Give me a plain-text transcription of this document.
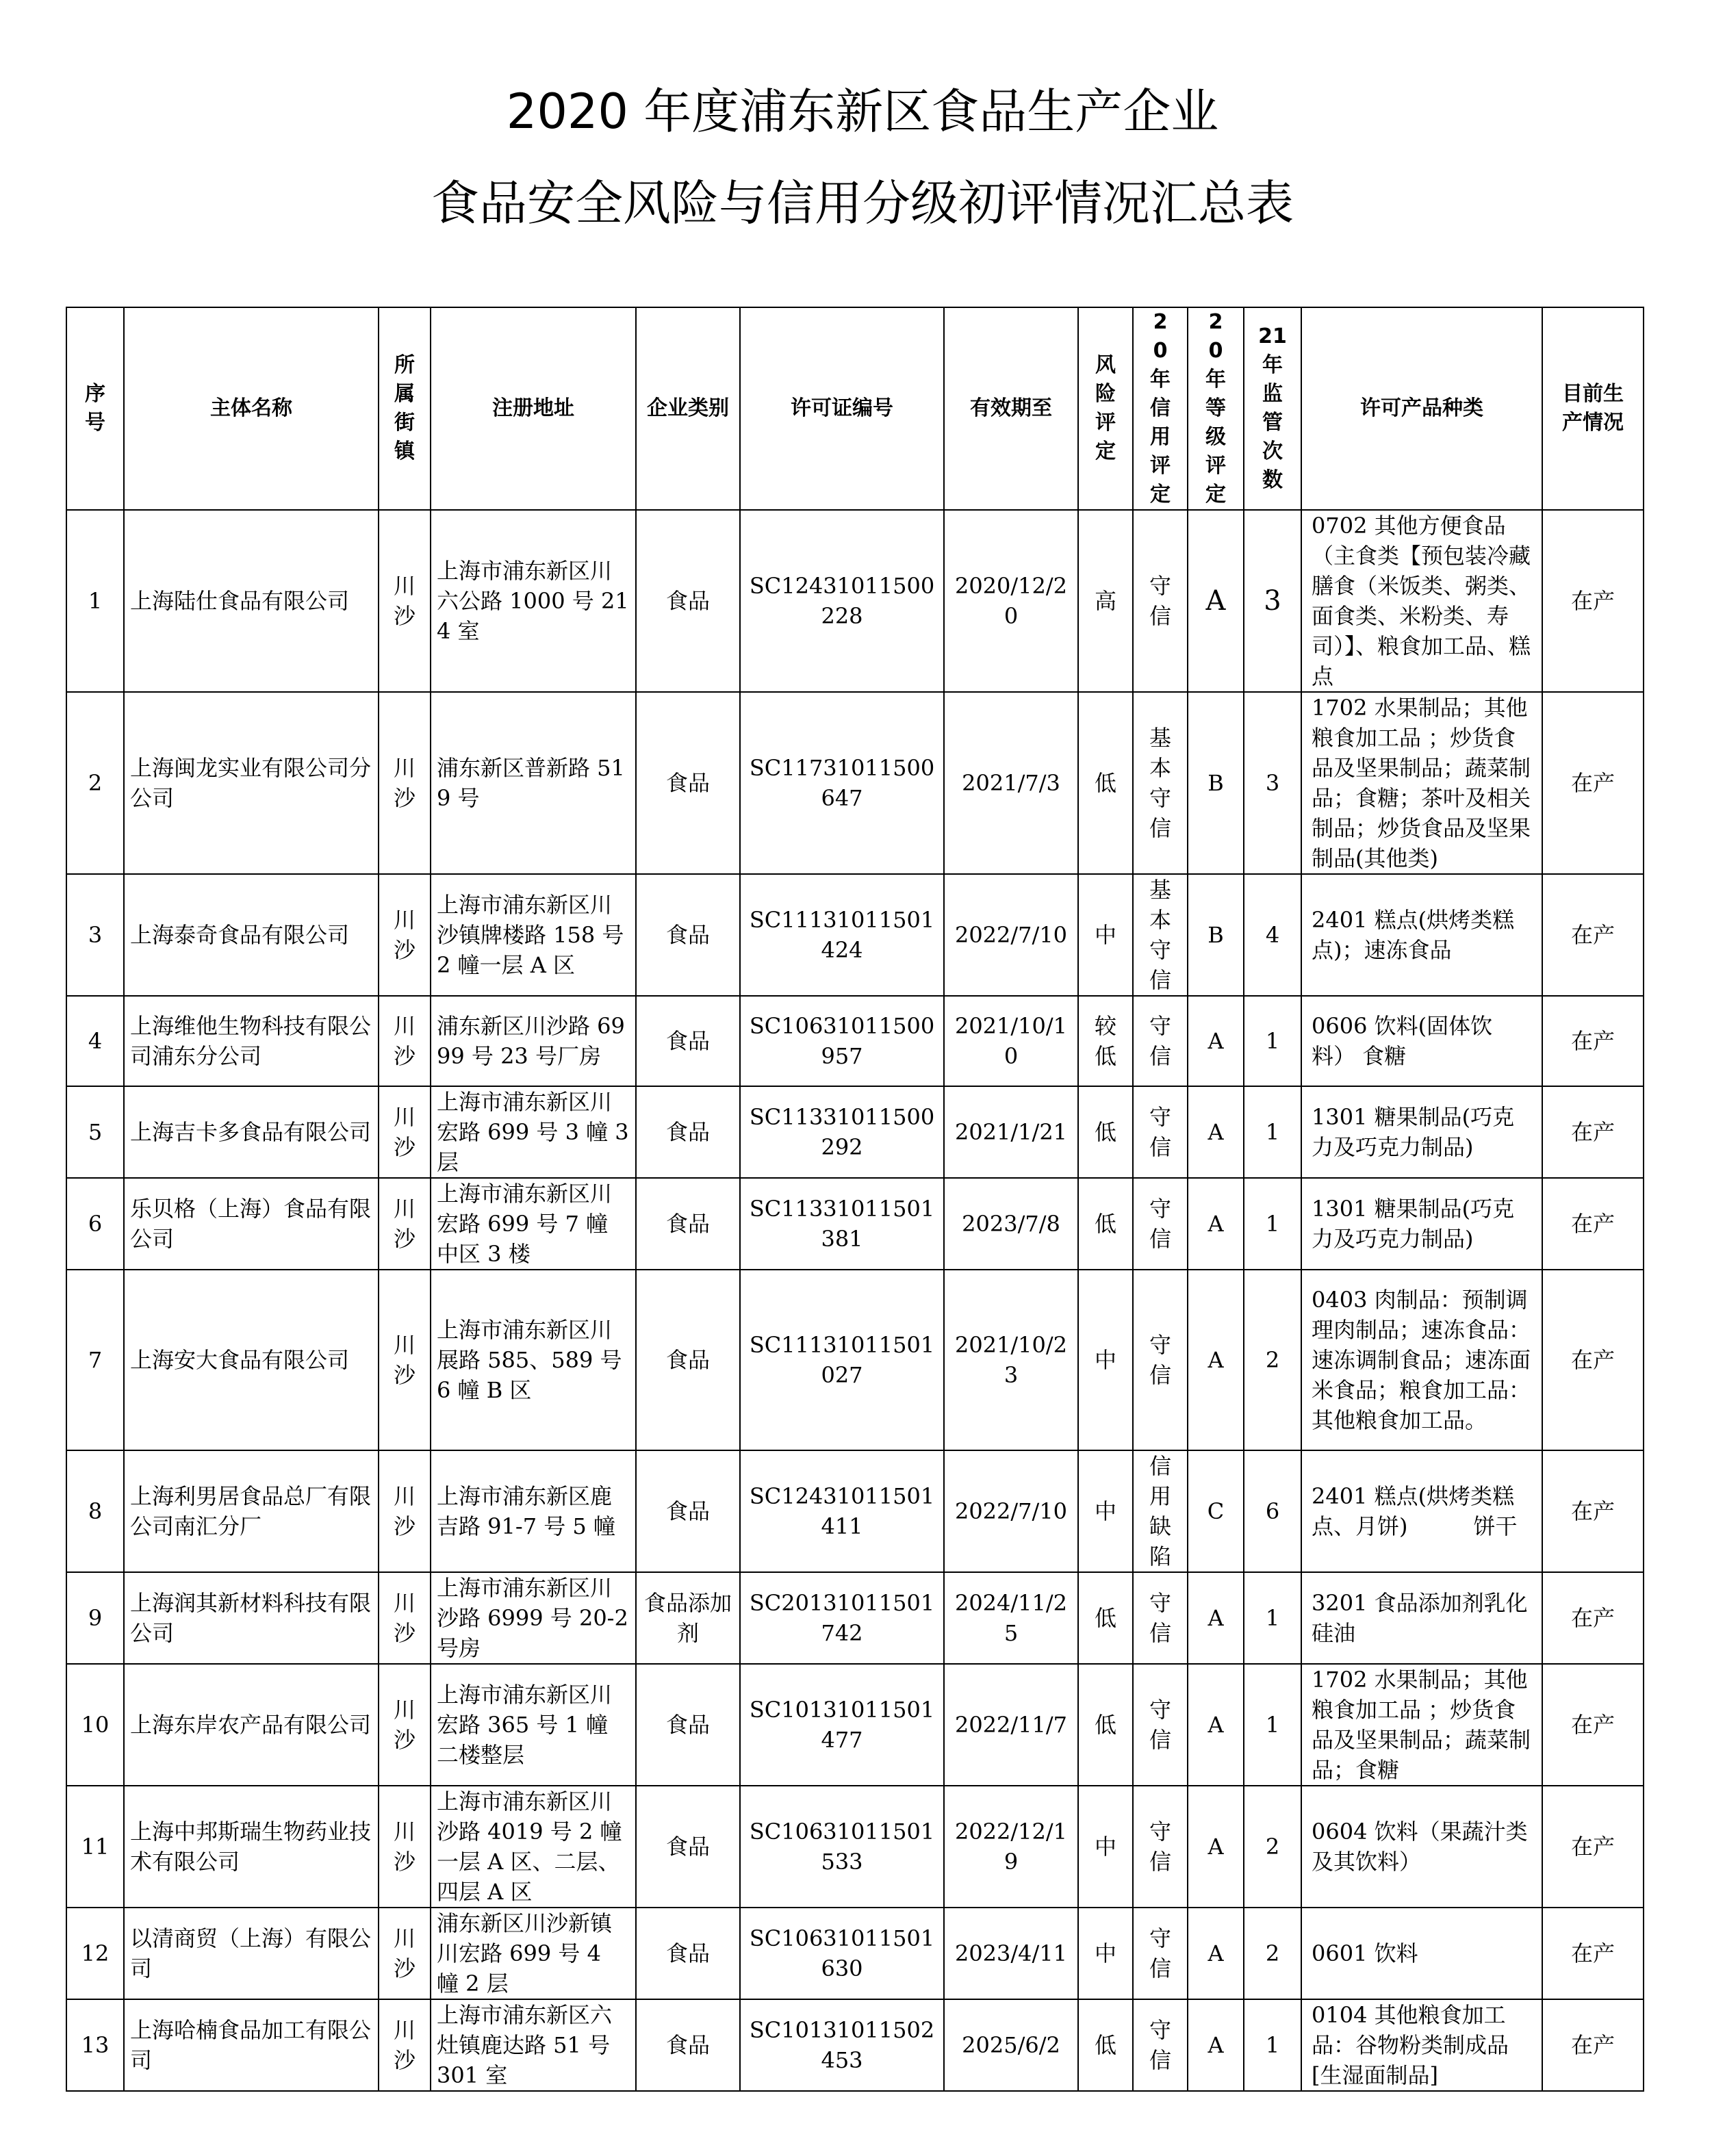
2020 年度浦东新区食品生产企业
食品安全风险与信用分级初评情况汇总表
序号	主体名称	所属街镇	注册地址	企业类别	许可证编号	有效期至	风险评定	20年信用评定	20年等级评定	21年监管次数	许可产品种类	目前生产情况
1	上海陆仕食品有限公司	川沙	上海市浦东新区川六公路 1000 号 214 室	食品	SC12431011500228	2020/12/20	高	守信	A	3	0702 其他方便食品（主食类【预包装冷藏膳食（米饭类、粥类、面食类、米粉类、寿司）】、粮食加工品、糕点	在产
2	上海闽龙实业有限公司分公司	川沙	浦东新区普新路 519 号	食品	SC11731011500647	2021/7/3	低	基本守信	B	3	1702 水果制品；其他粮食加工品 ；炒货食品及坚果制品；蔬菜制品；食糖；茶叶及相关制品；炒货食品及坚果制品(其他类)	在产
3	上海泰奇食品有限公司	川沙	上海市浦东新区川沙镇牌楼路 158 号 2 幢一层 A 区	食品	SC11131011501424	2022/7/10	中	基本守信	B	4	2401 糕点(烘烤类糕点)；速冻食品	在产
4	上海维他生物科技有限公司浦东分公司	川沙	浦东新区川沙路 6999 号 23 号厂房	食品	SC10631011500957	2021/10/10	较低	守信	A	1	0606 饮料(固体饮料） 食糖	在产
5	上海吉卡多食品有限公司	川沙	上海市浦东新区川宏路 699 号 3 幢 3 层	食品	SC11331011500292	2021/1/21	低	守信	A	1	1301 糖果制品(巧克力及巧克力制品)	在产
6	乐贝格（上海）食品有限公司	川沙	上海市浦东新区川宏路 699 号 7 幢中区 3 楼	食品	SC11331011501381	2023/7/8	低	守信	A	1	1301 糖果制品(巧克力及巧克力制品)	在产
7	上海安大食品有限公司	川沙	上海市浦东新区川展路 585、589 号 6 幢 B 区	食品	SC11131011501027	2021/10/23	中	守信	A	2	0403 肉制品：预制调理肉制品；速冻食品：速冻调制食品；速冻面米食品；粮食加工品：其他粮食加工品。	在产
8	上海利男居食品总厂有限公司南汇分厂	川沙	上海市浦东新区鹿吉路 91-7 号 5 幢	食品	SC12431011501411	2022/7/10	中	信用缺陷	C	6	2401 糕点(烘烤类糕点、月饼)　　　饼干	在产
9	上海润其新材料科技有限公司	川沙	上海市浦东新区川沙路 6999 号 20-2 号房	食品添加剂	SC20131011501742	2024/11/25	低	守信	A	1	3201 食品添加剂乳化硅油	在产
10	上海东岸农产品有限公司	川沙	上海市浦东新区川宏路 365 号 1 幢二楼整层	食品	SC10131011501477	2022/11/7	低	守信	A	1	1702 水果制品；其他粮食加工品 ；炒货食品及坚果制品；蔬菜制品；食糖	在产
11	上海中邦斯瑞生物药业技术有限公司	川沙	上海市浦东新区川沙路 4019 号 2 幢一层 A 区、二层、四层 A 区	食品	SC10631011501533	2022/12/19	中	守信	A	2	0604 饮料（果蔬汁类及其饮料）	在产
12	以清商贸（上海）有限公司	川沙	浦东新区川沙新镇川宏路 699 号 4 幢 2 层	食品	SC10631011501630	2023/4/11	中	守信	A	2	0601 饮料	在产
13	上海哈楠食品加工有限公司	川沙	上海市浦东新区六灶镇鹿达路 51 号 301 室	食品	SC10131011502453	2025/6/2	低	守信	A	1	0104 其他粮食加工品：谷物粉类制成品[生湿面制品]	在产
